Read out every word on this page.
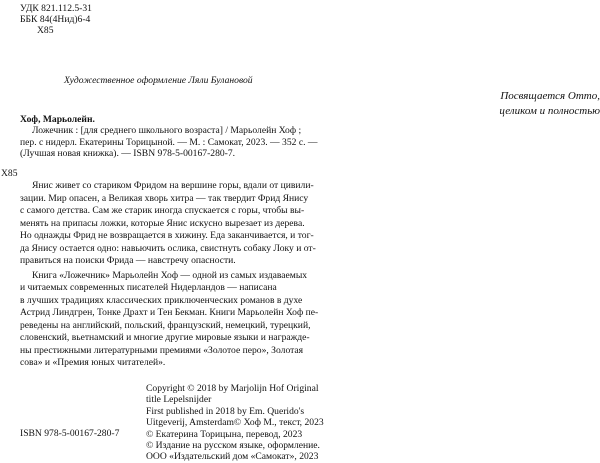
УДК 821.112.5-31
ББК 84(4Нид)6-4
Х85
Художественное оформление Ляли Булановой
Посвящается Отто,
целиком и полностью
Хоф, Марьолейн.
Ложечник : [для среднего школьного возраста] / Марьолейн Хоф ;
пер. с нидерл. Екатерины Торицыной. — М. : Самокат, 2023. — 352 с. —
(Лучшая новая книжка). — ISBN 978-5-00167-280-7.
Х85
Янис живет со стариком Фридом на вершине горы, вдали от цивили-
зации. Мир опасен, а Великая хворь хитра — так твердит Фрид Янису
с самого детства. Сам же старик иногда спускается с горы, чтобы вы-
менять на припасы ложки, которые Янис искусно вырезает из дерева.
Но однажды Фрид не возвращается в хижину. Еда заканчивается, и тог-
да Янису остается одно: навьючить ослика, свистнуть собаку Локу и от-
правиться на поиски Фрида — навстречу опасности.
Книга «Ложечник» Марьолейн Хоф — одной из самых издаваемых
и читаемых современных писателей Нидерландов — написана
в лучших традициях классических приключенческих романов в духе
Астрид Линдгрен, Тонке Драхт и Тен Бекман. Книги Марьолейн Хоф пе-
реведены на английский, польский, французский, немецкий, турецкий,
словенский, вьетнамский и многие другие мировые языки и награжде-
ны престижными литературными премиями «Золотое перо», Золотая
сова» и «Премия юных читателей».
Copyright © 2018 by Marjolijn Hof Original
title Lepelsnijder
First published in 2018 by Em. Querido's
Uitgeverij, Amsterdam© Хоф М., текст, 2023
© Екатерина Торицына, перевод, 2023
© Издание на русском языке, оформление.
ООО «Издательский дом «Самокат», 2023
ISBN 978-5-00167-280-7
